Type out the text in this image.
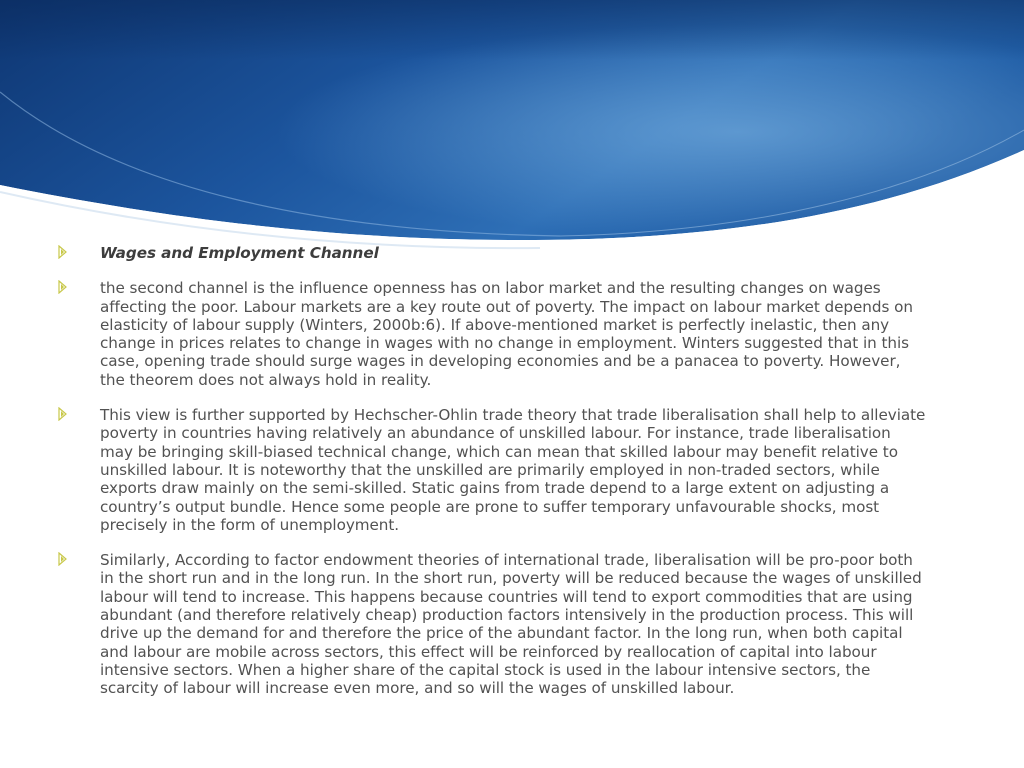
Wages and Employment Channel
the second channel is the influence openness has on labor market and the resulting changes on wages affecting the poor. Labour markets are a key route out of poverty. The impact on labour market depends on elasticity of labour supply (Winters, 2000b:6). If above-mentioned market is perfectly inelastic, then any change in prices relates to change in wages with no change in employment. Winters suggested that in this case, opening trade should surge wages in developing economies and be a panacea to poverty. However, the theorem does not always hold in reality.
This view is further supported by Hechscher-Ohlin trade theory that trade liberalisation shall help to alleviate poverty in countries having relatively an abundance of unskilled labour. For instance, trade liberalisation may be bringing skill-biased technical change, which can mean that skilled labour may benefit relative to unskilled labour. It is noteworthy that the unskilled are primarily employed in non-traded sectors, while exports draw mainly on the semi-skilled. Static gains from trade depend to a large extent on adjusting a country’s output bundle. Hence some people are prone to suffer temporary unfavourable shocks, most precisely in the form of unemployment.
Similarly, According to factor endowment theories of international trade, liberalisation will be pro-poor both in the short run and in the long run. In the short run, poverty will be reduced because the wages of unskilled labour will tend to increase. This happens because countries will tend to export commodities that are using abundant (and therefore relatively cheap) production factors intensively in the production process. This will drive up the demand for and therefore the price of the abundant factor. In the long run, when both capital and labour are mobile across sectors, this effect will be reinforced by reallocation of capital into labour intensive sectors. When a higher share of the capital stock is used in the labour intensive sectors, the scarcity of labour will increase even more, and so will the wages of unskilled labour.
